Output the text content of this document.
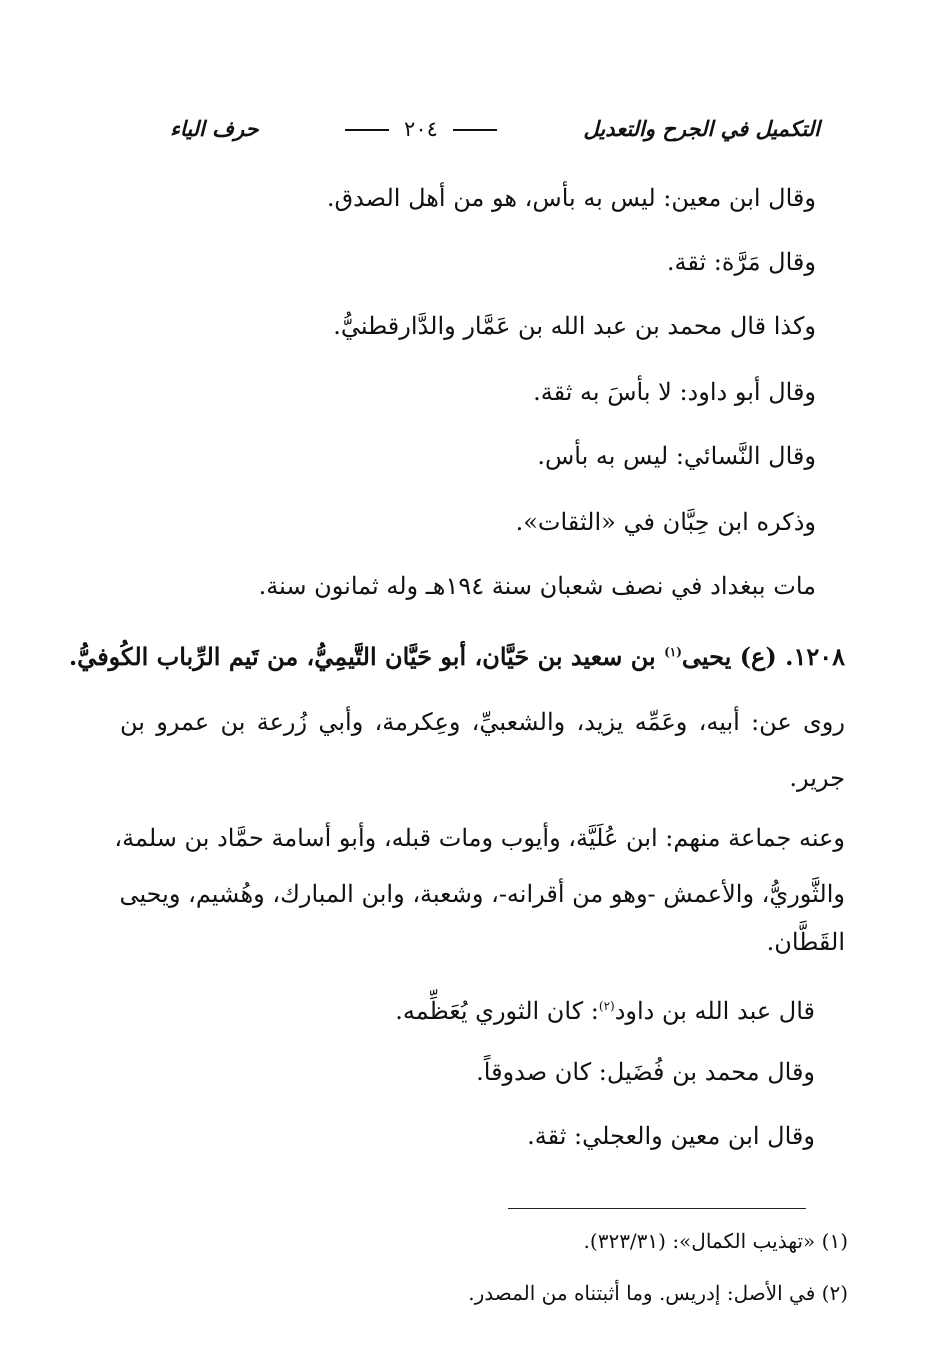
التكميل في الجرح والتعديل
٢٠٤
حرف الياء
وقال ابن معين: ليس به بأس، هو من أهل الصدق.
وقال مَرَّة: ثقة.
وكذا قال محمد بن عبد الله بن عَمَّار والدَّارقطنيُّ.
وقال أبو داود: لا بأسَ به ثقة.
وقال النَّسائي: ليس به بأس.
وذكره ابن حِبَّان في «الثقات».
مات ببغداد في نصف شعبان سنة ١٩٤هـ وله ثمانون سنة.
١٢٠٨. (ع) يحيى$^{(١)}$ بن سعيد بن حَيَّان، أبو حَيَّان التَّيمِيُّ، من تَيم الرِّباب الكُوفيُّ.
روى عن: أبيه، وعَمِّه يزيد، والشعبيِّ، وعِكرمة، وأبي زُرعة بن عمرو بن
جرير.
وعنه جماعة منهم: ابن عُلَيَّة، وأيوب ومات قبله، وأبو أسامة حمَّاد بن سلمة،
والثَّوريُّ، والأعمش -وهو من أقرانه-، وشعبة، وابن المبارك، وهُشيم، ويحيى
القَطَّان.
قال عبد الله بن داود$^{(٢)}$: كان الثوري يُعَظِّمه.
وقال محمد بن فُضَيل: كان صدوقاً.
وقال ابن معين والعجلي: ثقة.
(١) «تهذيب الكمال»: (٣٢٣/٣١).
(٢) في الأصل: إدريس. وما أثبتناه من المصدر.
